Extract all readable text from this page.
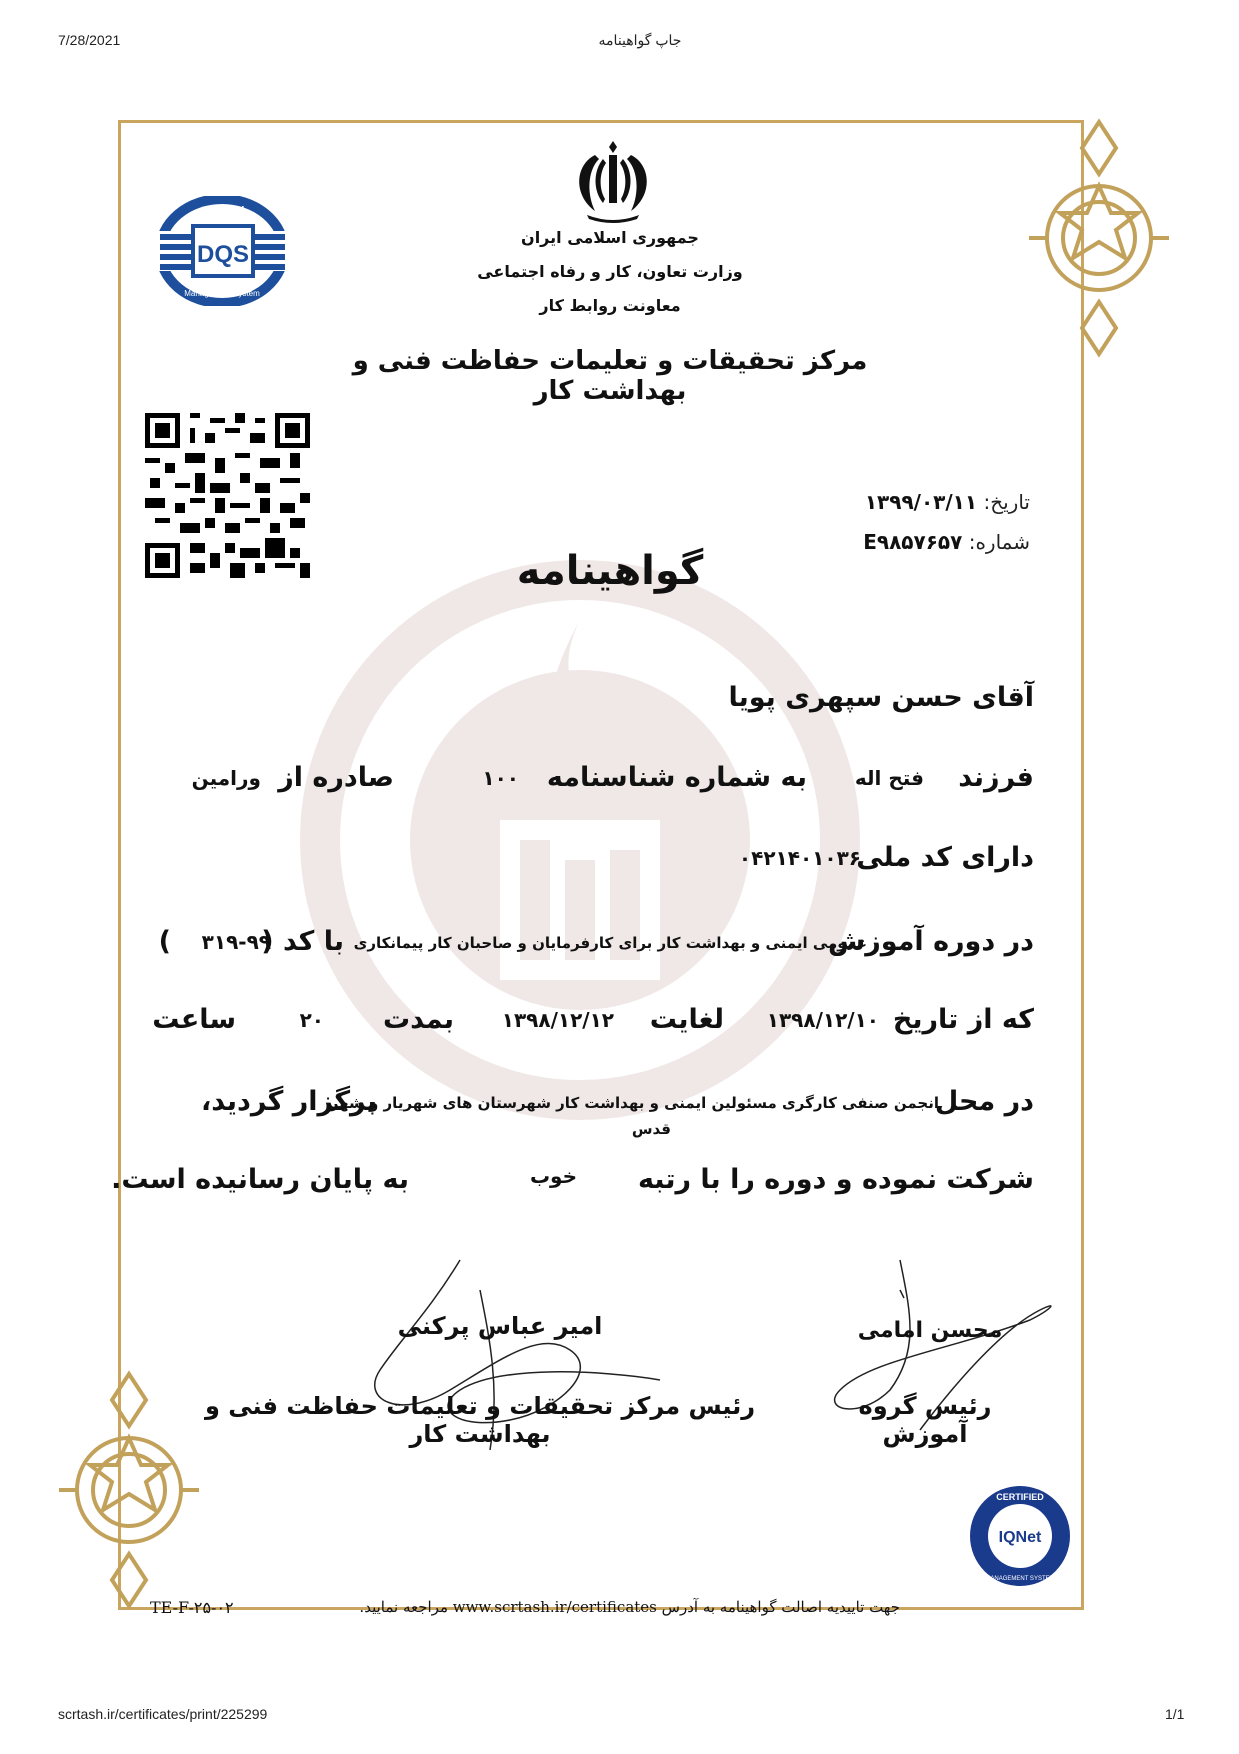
7/28/2021	جاپ گواهینامه
scrtash.ir/certificates/print/225299	1/1
DQS
Certified
Management System
جمهوری اسلامی ایران
وزارت تعاون، کار و رفاه اجتماعی
معاونت روابط کار
مرکز تحقیقات و تعلیمات حفاظت فنی و بهداشت کار
تاریخ: ۱۳۹۹/۰۳/۱۱
شماره: E۹۸۵۷۶۵۷
گواهینامه
آقای حسن سپهری پویا
فرزند
فتح اله
به شماره شناسنامه
۱۰۰
صادره از
ورامین
دارای کد ملی
۰۴۲۱۴۰۱۰۳۶
در دوره آموزش
عمومی ایمنی و بهداشت کار برای کارفرمایان و صاحبان کار پیمانکاری
با کد (
۳۱۹-۹۹
)
که از تاریخ
۱۳۹۸/۱۲/۱۰
لغایت
۱۳۹۸/۱۲/۱۲
بمدت
۲۰
ساعت
در محل
انجمن صنفی کارگری مسئولین ایمنی و بهداشت کار شهرستان های شهریار و شهر
قدس
برگزار گردید،
شرکت نموده و دوره را با رتبه
خوب
به پایان رسانیده است.
امیر عباس پرکنی
رئیس مرکز تحقیقات و تعلیمات حفاظت فنی و بهداشت کار
محسن امامی
رئیس گروه آموزش
IQNet
CERTIFIED
MANAGEMENT SYSTEM
جهت تاییدیه اصالت گواهینامه به آدرس www.scrtash.ir/certificates مراجعه نمایید.
TE-F-۲۵-۰۲
